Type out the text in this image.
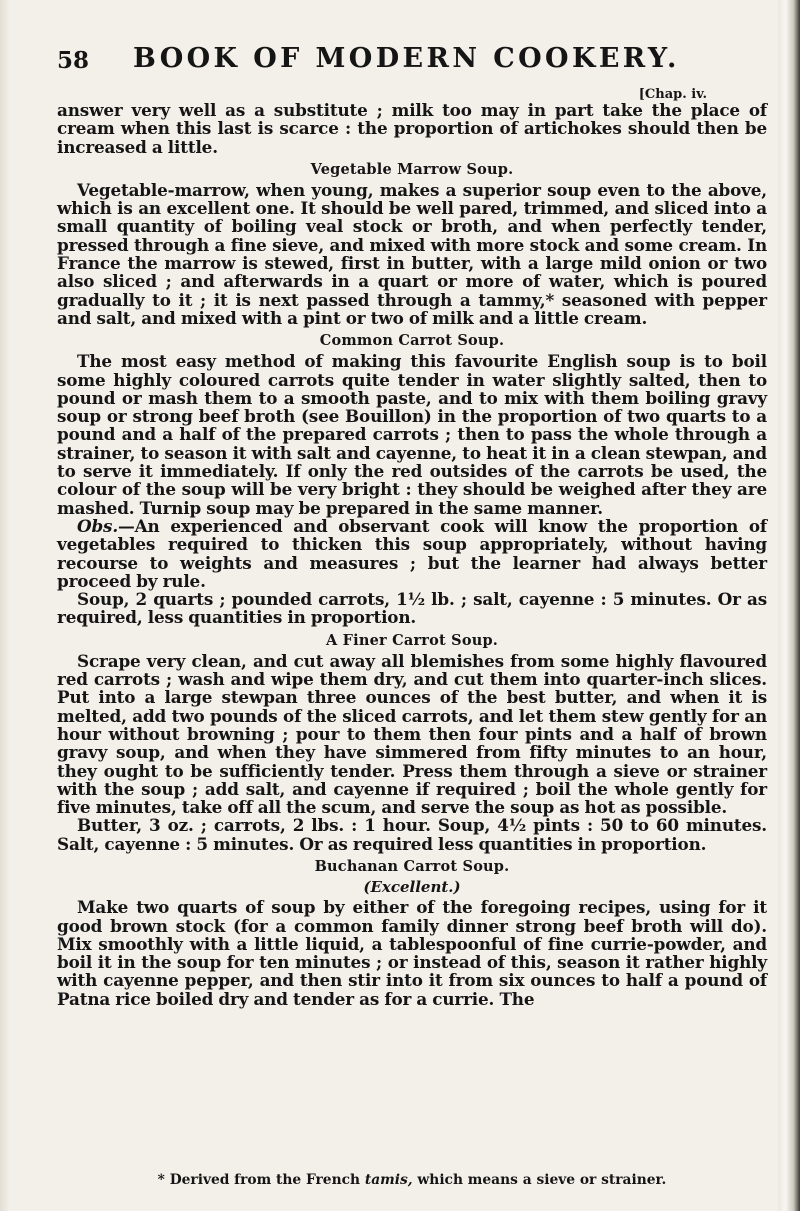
58 BOOK OF MODERN COOKERY.
[Chap. iv.

answer very well as a substitute ; milk too may in part take the place of cream when this last is scarce : the proportion of artichokes should then be increased a little.

Vegetable Marrow Soup.

Vegetable-marrow, when young, makes a superior soup even to the above, which is an excellent one. It should be well pared, trimmed, and sliced into a small quantity of boiling veal stock or broth, and when perfectly tender, pressed through a fine sieve, and mixed with more stock and some cream. In France the marrow is stewed, first in butter, with a large mild onion or two also sliced ; and afterwards in a quart or more of water, which is poured gradually to it ; it is next passed through a tammy,* seasoned with pepper and salt, and mixed with a pint or two of milk and a little cream.

Common Carrot Soup.

The most easy method of making this favourite English soup is to boil some highly coloured carrots quite tender in water slightly salted, then to pound or mash them to a smooth paste, and to mix with them boiling gravy soup or strong beef broth (see Bouillon) in the proportion of two quarts to a pound and a half of the prepared carrots ; then to pass the whole through a strainer, to season it with salt and cayenne, to heat it in a clean stewpan, and to serve it immediately. If only the red outsides of the carrots be used, the colour of the soup will be very bright : they should be weighed after they are mashed. Turnip soup may be prepared in the same manner.

Obs.—An experienced and observant cook will know the proportion of vegetables required to thicken this soup appropriately, without having recourse to weights and measures ; but the learner had always better proceed by rule.

Soup, 2 quarts ; pounded carrots, 1½ lb. ; salt, cayenne : 5 minutes. Or as required, less quantities in proportion.

A Finer Carrot Soup.

Scrape very clean, and cut away all blemishes from some highly flavoured red carrots ; wash and wipe them dry, and cut them into quarter-inch slices. Put into a large stewpan three ounces of the best butter, and when it is melted, add two pounds of the sliced carrots, and let them stew gently for an hour without browning ; pour to them then four pints and a half of brown gravy soup, and when they have simmered from fifty minutes to an hour, they ought to be sufficiently tender. Press them through a sieve or strainer with the soup ; add salt, and cayenne if required ; boil the whole gently for five minutes, take off all the scum, and serve the soup as hot as possible.

Butter, 3 oz. ; carrots, 2 lbs. : 1 hour. Soup, 4½ pints : 50 to 60 minutes. Salt, cayenne : 5 minutes. Or as required less quantities in proportion.

Buchanan Carrot Soup.
(Excellent.)

Make two quarts of soup by either of the foregoing recipes, using for it good brown stock (for a common family dinner strong beef broth will do). Mix smoothly with a little liquid, a tablespoonful of fine currie-powder, and boil it in the soup for ten minutes ; or instead of this, season it rather highly with cayenne pepper, and then stir into it from six ounces to half a pound of Patna rice boiled dry and tender as for a currie. The

* Derived from the French tamis, which means a sieve or strainer.
